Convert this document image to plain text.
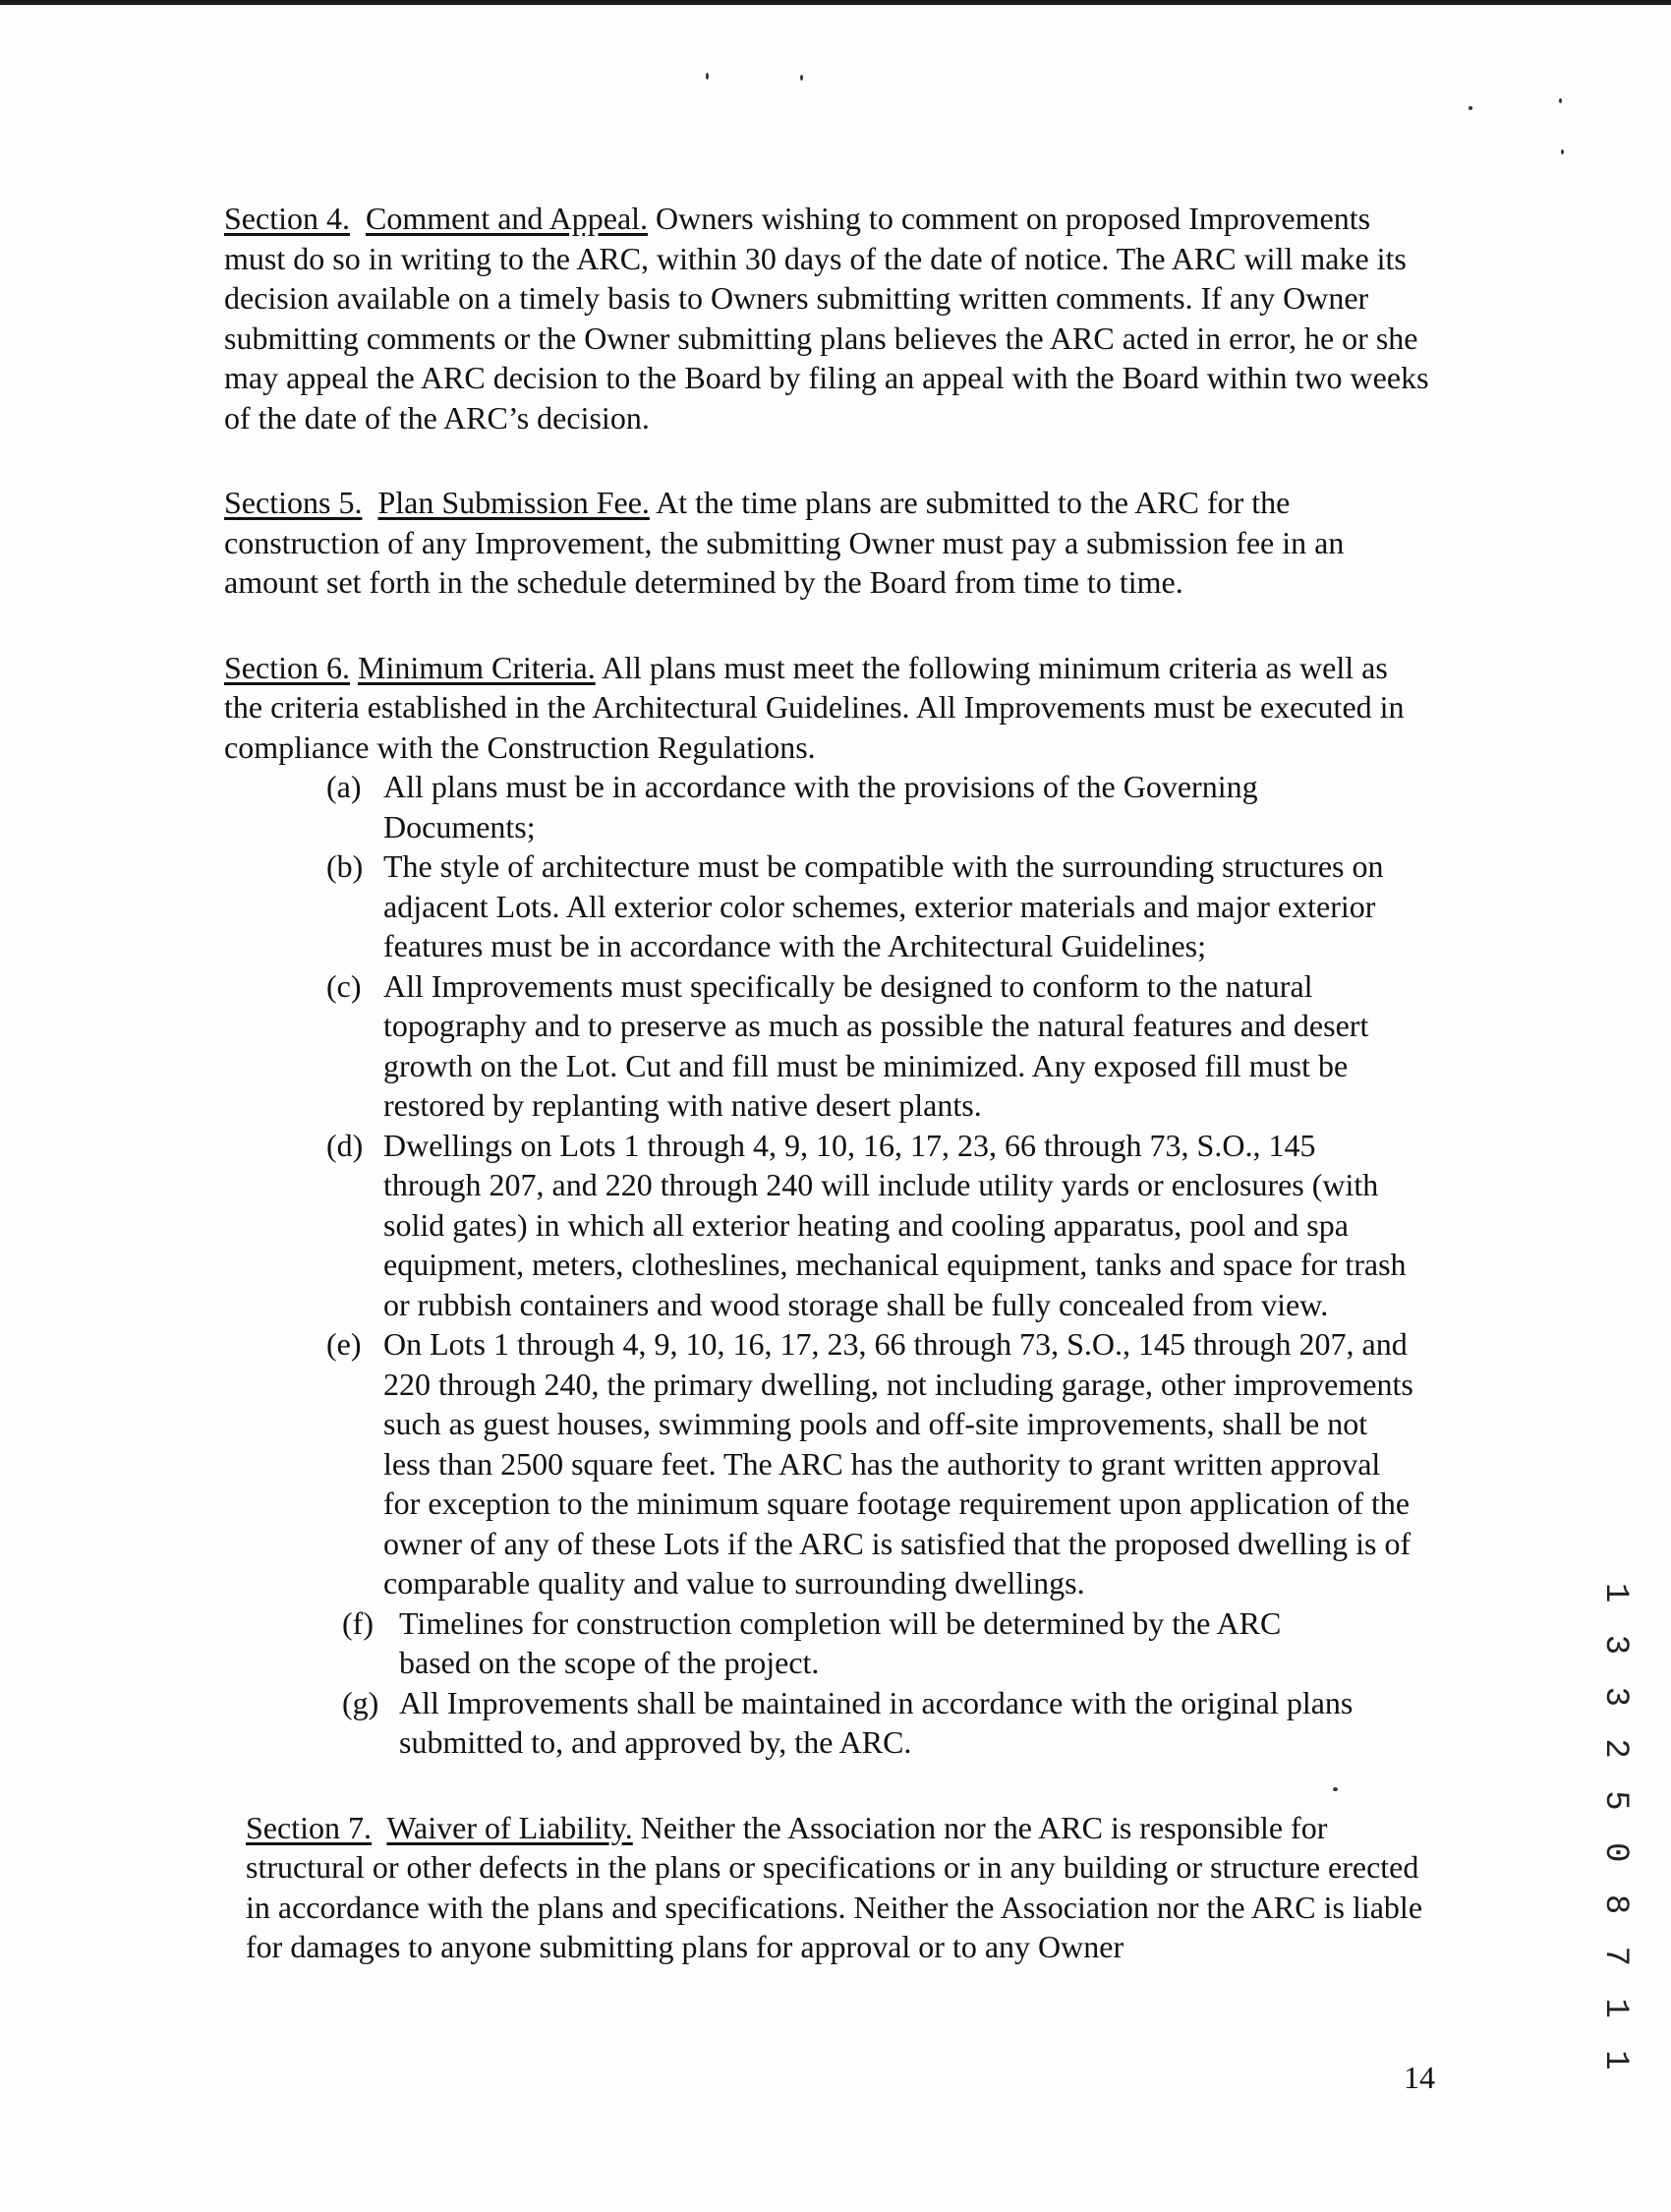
Section 4. Comment and Appeal. Owners wishing to comment on proposed Improvements must do so in writing to the ARC, within 30 days of the date of notice. The ARC will make its decision available on a timely basis to Owners submitting written comments. If any Owner submitting comments or the Owner submitting plans believes the ARC acted in error, he or she may appeal the ARC decision to the Board by filing an appeal with the Board within two weeks of the date of the ARC’s decision.

Sections 5. Plan Submission Fee. At the time plans are submitted to the ARC for the construction of any Improvement, the submitting Owner must pay a submission fee in an amount set forth in the schedule determined by the Board from time to time.

Section 6. Minimum Criteria. All plans must meet the following minimum criteria as well as the criteria established in the Architectural Guidelines. All Improvements must be executed in compliance with the Construction Regulations.

(a) All plans must be in accordance with the provisions of the Governing Documents;
(b) The style of architecture must be compatible with the surrounding structures on adjacent Lots. All exterior color schemes, exterior materials and major exterior features must be in accordance with the Architectural Guidelines;
(c) All Improvements must specifically be designed to conform to the natural topography and to preserve as much as possible the natural features and desert growth on the Lot. Cut and fill must be minimized. Any exposed fill must be restored by replanting with native desert plants.
(d) Dwellings on Lots 1 through 4, 9, 10, 16, 17, 23, 66 through 73, S.O., 145 through 207, and 220 through 240 will include utility yards or enclosures (with solid gates) in which all exterior heating and cooling apparatus, pool and spa equipment, meters, clotheslines, mechanical equipment, tanks and space for trash or rubbish containers and wood storage shall be fully concealed from view.
(e) On Lots 1 through 4, 9, 10, 16, 17, 23, 66 through 73, S.O., 145 through 207, and 220 through 240, the primary dwelling, not including garage, other improvements such as guest houses, swimming pools and off-site improvements, shall be not less than 2500 square feet. The ARC has the authority to grant written approval for exception to the minimum square footage requirement upon application of the owner of any of these Lots if the ARC is satisfied that the proposed dwelling is of comparable quality and value to surrounding dwellings.
(f) Timelines for construction completion will be determined by the ARC based on the scope of the project.
(g) All Improvements shall be maintained in accordance with the original plans submitted to, and approved by, the ARC.

Section 7. Waiver of Liability. Neither the Association nor the ARC is responsible for structural or other defects in the plans or specifications or in any building or structure erected in accordance with the plans and specifications. Neither the Association nor the ARC is liable for damages to anyone submitting plans for approval or to any Owner	1 3 3 2 5 0 8 7 1 1
14
